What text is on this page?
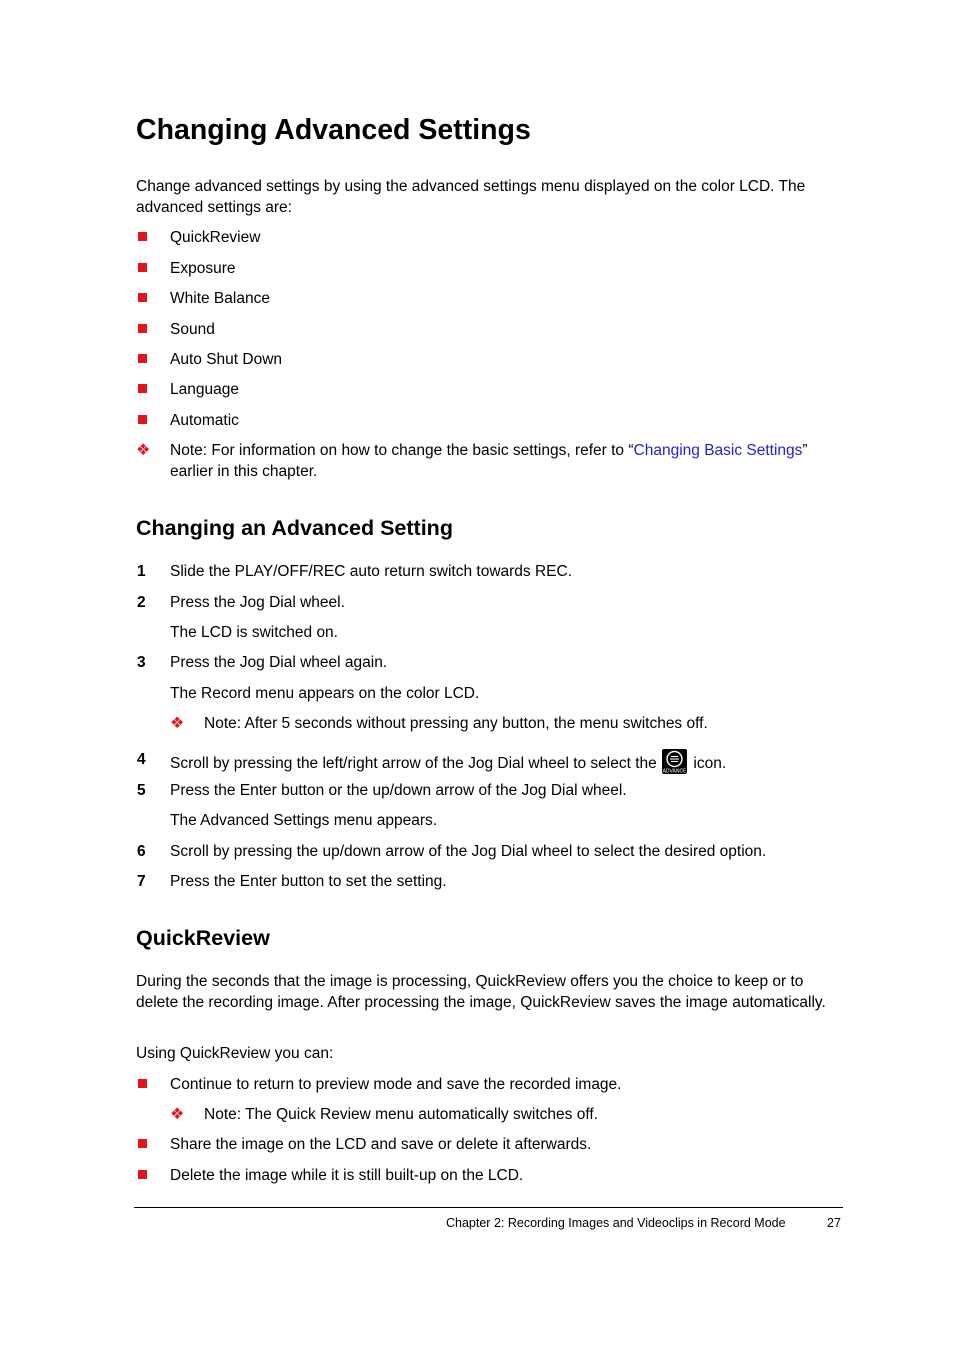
Changing Advanced Settings

Change advanced settings by using the advanced settings menu displayed on the color LCD. The advanced settings are:

QuickReview
Exposure
White Balance
Sound
Auto Shut Down
Language
Automatic
❖ Note: For information on how to change the basic settings, refer to “Changing Basic Settings”
earlier in this chapter.
Changing an Advanced Setting
1 Slide the PLAY/OFF/REC auto return switch towards REC.
2 Press the Jog Dial wheel.
The LCD is switched on.
3 Press the Jog Dial wheel again.
The Record menu appears on the color LCD.
❖ Note: After 5 seconds without pressing any button, the menu switches off.
4 Scroll by pressing the left/right arrow of the Jog Dial wheel to select the ADVANCE icon.
5 Press the Enter button or the up/down arrow of the Jog Dial wheel.
The Advanced Settings menu appears.
6 Scroll by pressing the up/down arrow of the Jog Dial wheel to select the desired option.
7 Press the Enter button to set the setting.
QuickReview

During the seconds that the image is processing, QuickReview offers you the choice to keep or to delete the recording image. After processing the image, QuickReview saves the image automatically.

Using QuickReview you can:
Continue to return to preview mode and save the recorded image.
❖ Note: The Quick Review menu automatically switches off.
Share the image on the LCD and save or delete it afterwards.
Delete the image while it is still built-up on the LCD.
Chapter 2: Recording Images and Videoclips in Record Mode	27
